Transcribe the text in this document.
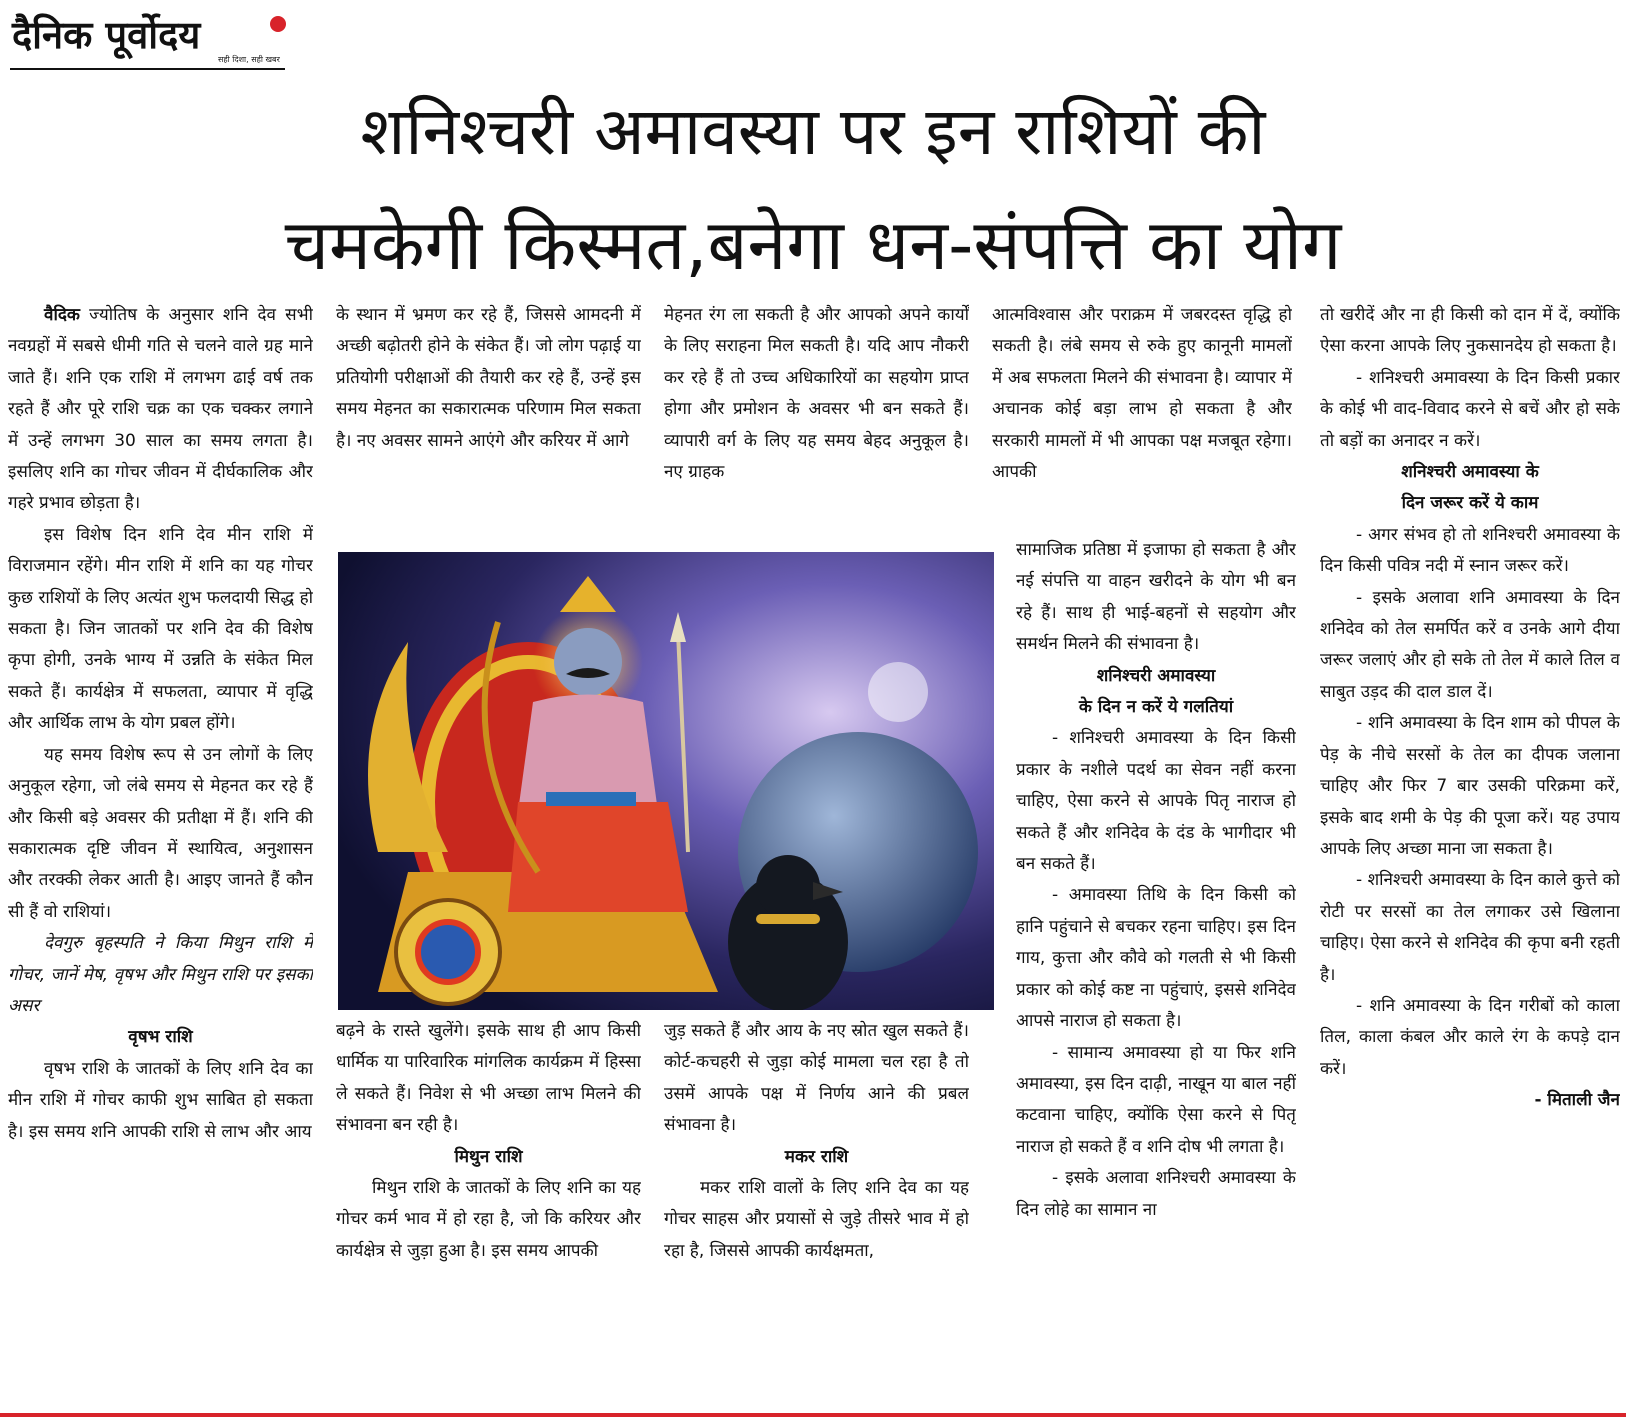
दैनिक पूर्वोदय
सही दिशा, सही खबर
शनिश्चरी अमावस्या पर इन राशियों की
चमकेगी किस्मत,बनेगा धन-संपत्ति का योग

वैदिक ज्योतिष के अनुसार शनि देव सभी नवग्रहों में सबसे धीमी गति से चलने वाले ग्रह माने जाते हैं। शनि एक राशि में लगभग ढाई वर्ष तक रहते हैं और पूरे राशि चक्र का एक चक्कर लगाने में उन्हें लगभग 30 साल का समय लगता है। इसलिए शनि का गोचर जीवन में दीर्घकालिक और गहरे प्रभाव छोड़ता है।

इस विशेष दिन शनि देव मीन राशि में विराजमान रहेंगे। मीन राशि में शनि का यह गोचर कुछ राशियों के लिए अत्यंत शुभ फलदायी सिद्ध हो सकता है। जिन जातकों पर शनि देव की विशेष कृपा होगी, उनके भाग्य में उन्नति के संकेत मिल सकते हैं। कार्यक्षेत्र में सफलता, व्यापार में वृद्धि और आर्थिक लाभ के योग प्रबल होंगे।

यह समय विशेष रूप से उन लोगों के लिए अनुकूल रहेगा, जो लंबे समय से मेहनत कर रहे हैं और किसी बड़े अवसर की प्रतीक्षा में हैं। शनि की सकारात्मक दृष्टि जीवन में स्थायित्व, अनुशासन और तरक्की लेकर आती है। आइए जानते हैं कौन सी हैं वो राशियां।

देवगुरु बृहस्पति ने किया मिथुन राशि में गोचर, जानें मेष, वृषभ और मिथुन राशि पर इसका असर

वृषभ राशि

वृषभ राशि के जातकों के लिए शनि देव का मीन राशि में गोचर काफी शुभ साबित हो सकता है। इस समय शनि आपकी राशि से लाभ और आय

के स्थान में भ्रमण कर रहे हैं, जिससे आमदनी में अच्छी बढ़ोतरी होने के संकेत हैं। जो लोग पढ़ाई या प्रतियोगी परीक्षाओं की तैयारी कर रहे हैं, उन्हें इस समय मेहनत का सकारात्मक परिणाम मिल सकता है। नए अवसर सामने आएंगे और करियर में आगे

मेहनत रंग ला सकती है और आपको अपने कार्यों के लिए सराहना मिल सकती है। यदि आप नौकरी कर रहे हैं तो उच्च अधिकारियों का सहयोग प्राप्त होगा और प्रमोशन के अवसर भी बन सकते हैं। व्यापारी वर्ग के लिए यह समय बेहद अनुकूल है। नए ग्राहक

आत्मविश्वास और पराक्रम में जबरदस्त वृद्धि हो सकती है। लंबे समय से रुके हुए कानूनी मामलों में अब सफलता मिलने की संभावना है। व्यापार में अचानक कोई बड़ा लाभ हो सकता है और सरकारी मामलों में भी आपका पक्ष मजबूत रहेगा। आपकी

बढ़ने के रास्ते खुलेंगे। इसके साथ ही आप किसी धार्मिक या पारिवारिक मांगलिक कार्यक्रम में हिस्सा ले सकते हैं। निवेश से भी अच्छा लाभ मिलने की संभावना बन रही है।

मिथुन राशि

मिथुन राशि के जातकों के लिए शनि का यह गोचर कर्म भाव में हो रहा है, जो कि करियर और कार्यक्षेत्र से जुड़ा हुआ है। इस समय आपकी

जुड़ सकते हैं और आय के नए स्रोत खुल सकते हैं। कोर्ट-कचहरी से जुड़ा कोई मामला चल रहा है तो उसमें आपके पक्ष में निर्णय आने की प्रबल संभावना है।

मकर राशि

मकर राशि वालों के लिए शनि देव का यह गोचर साहस और प्रयासों से जुड़े तीसरे भाव में हो रहा है, जिससे आपकी कार्यक्षमता,

सामाजिक प्रतिष्ठा में इजाफा हो सकता है और नई संपत्ति या वाहन खरीदने के योग भी बन रहे हैं। साथ ही भाई-बहनों से सहयोग और समर्थन मिलने की संभावना है।

शनिश्चरी अमावस्या

के दिन न करें ये गलतियां

- शनिश्चरी अमावस्या के दिन किसी प्रकार के नशीले पदर्थ का सेवन नहीं करना चाहिए, ऐसा करने से आपके पितृ नाराज हो सकते हैं और शनिदेव के दंड के भागीदार भी बन सकते हैं।

- अमावस्या तिथि के दिन किसी को हानि पहुंचाने से बचकर रहना चाहिए। इस दिन गाय, कुत्ता और कौवे को गलती से भी किसी प्रकार को कोई कष्ट ना पहुंचाएं, इससे शनिदेव आपसे नाराज हो सकता है।

- सामान्य अमावस्या हो या फिर शनि अमावस्या, इस दिन दाढ़ी, नाखून या बाल नहीं कटवाना चाहिए, क्योंकि ऐसा करने से पितृ नाराज हो सकते हैं व शनि दोष भी लगता है।

- इसके अलावा शनिश्चरी अमावस्या के दिन लोहे का सामान ना

तो खरीदें और ना ही किसी को दान में दें, क्योंकि ऐसा करना आपके लिए नुकसानदेय हो सकता है।

- शनिश्चरी अमावस्या के दिन किसी प्रकार के कोई भी वाद-विवाद करने से बचें और हो सके तो बड़ों का अनादर न करें।

शनिश्चरी अमावस्या के

दिन जरूर करें ये काम

- अगर संभव हो तो शनिश्चरी अमावस्या के दिन किसी पवित्र नदी में स्नान जरूर करें।

- इसके अलावा शनि अमावस्या के दिन शनिदेव को तेल समर्पित करें व उनके आगे दीया जरूर जलाएं और हो सके तो तेल में काले तिल व साबुत उड़द की दाल डाल दें।

- शनि अमावस्या के दिन शाम को पीपल के पेड़ के नीचे सरसों के तेल का दीपक जलाना चाहिए और फिर 7 बार उसकी परिक्रमा करें, इसके बाद शमी के पेड़ की पूजा करें। यह उपाय आपके लिए अच्छा माना जा सकता है।

- शनिश्चरी अमावस्या के दिन काले कुत्ते को रोटी पर सरसों का तेल लगाकर उसे खिलाना चाहिए। ऐसा करने से शनिदेव की कृपा बनी रहती है।

- शनि अमावस्या के दिन गरीबों को काला तिल, काला कंबल और काले रंग के कपड़े दान करें।

- मिताली जैन
